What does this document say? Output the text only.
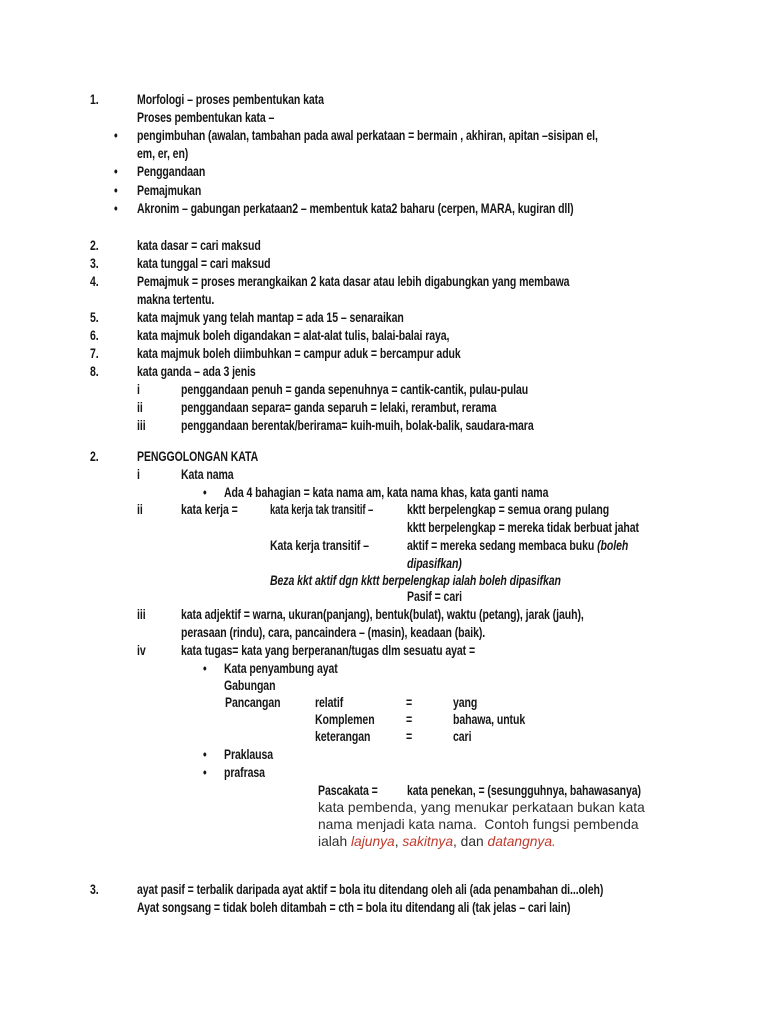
1.	Morfologi – proses pembentukan kata
Proses pembentukan kata –
• pengimbuhan (awalan, tambahan pada awal perkataan = bermain , akhiran, apitan –sisipan el,
em, er, en)
• Penggandaan
• Pemajmukan
• Akronim – gabungan perkataan2 – membentuk kata2 baharu (cerpen, MARA, kugiran dll)
2.	kata dasar = cari maksud
3.	kata tunggal = cari maksud
4.	Pemajmuk = proses merangkaikan 2 kata dasar atau lebih digabungkan yang membawa
makna tertentu.
5.	kata majmuk yang telah mantap = ada 15 – senaraikan
6.	kata majmuk boleh digandakan = alat-alat tulis, balai-balai raya,
7.	kata majmuk boleh diimbuhkan = campur aduk = bercampur aduk
8.	kata ganda – ada 3 jenis
i	penggandaan penuh = ganda sepenuhnya = cantik-cantik, pulau-pulau
ii	penggandaan separa= ganda separuh = lelaki, rerambut, rerama
iii	penggandaan berentak/berirama= kuih-muih, bolak-balik, saudara-mara
2.	PENGGOLONGAN KATA
i	Kata nama
• Ada 4 bahagian = kata nama am, kata nama khas, kata ganti nama
ii	kata kerja = kata kerja tak transitif –	kktt berpelengkap = semua orang pulang
kktt berpelengkap = mereka tidak berbuat jahat
Kata kerja transitif –	aktif = mereka sedang membaca buku (boleh
dipasifkan)
Beza kkt aktif dgn kktt berpelengkap ialah boleh dipasifkan
Pasif = cari
iii	kata adjektif = warna, ukuran(panjang), bentuk(bulat), waktu (petang), jarak (jauh),
perasaan (rindu), cara, pancaindera – (masin), keadaan (baik).
iv	kata tugas= kata yang berperanan/tugas dlm sesuatu ayat =
• Kata penyambung ayat
Gabungan
Pancangan	relatif	=	yang
Komplemen =	bahawa, untuk
keterangan	=	cari
• Praklausa
• prafrasa
Pascakata = kata penekan, = (sesungguhnya, bahawasanya)
kata pembenda, yang menukar perkataan bukan kata
nama menjadi kata nama.  Contoh fungsi pembenda
ialah lajunya, sakitnya, dan datangnya.
3.	ayat pasif = terbalik daripada ayat aktif = bola itu ditendang oleh ali (ada penambahan di...oleh)
Ayat songsang = tidak boleh ditambah = cth = bola itu ditendang ali (tak jelas – cari lain)
